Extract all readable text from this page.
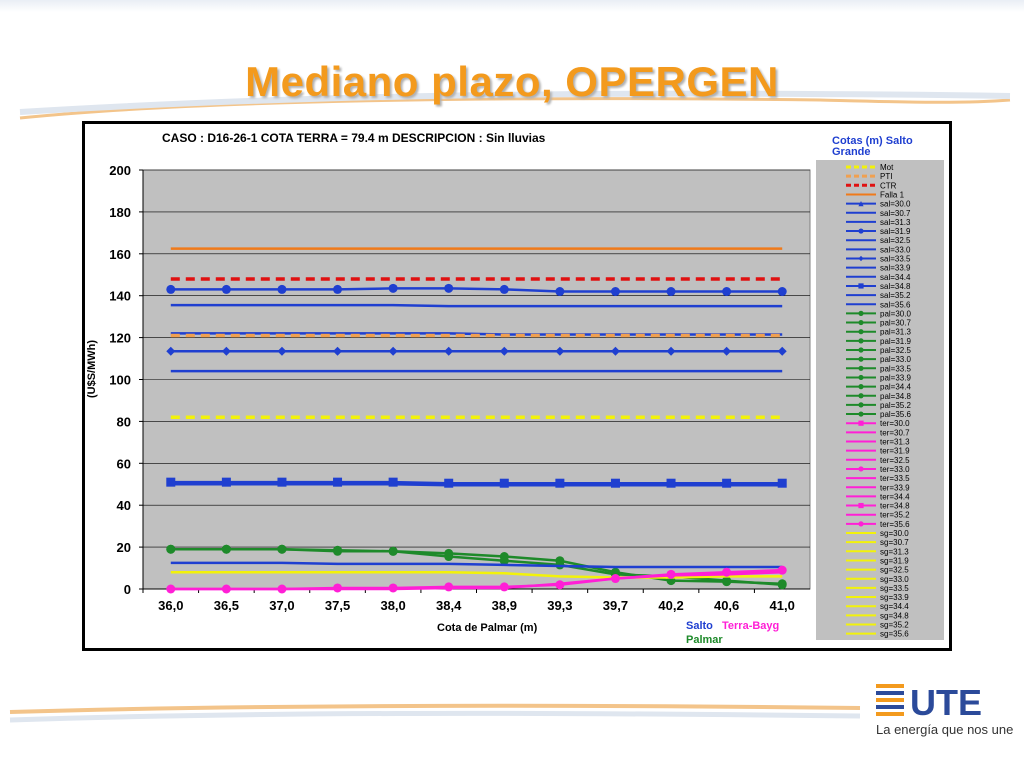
Mediano plazo, OPERGEN
CASO : D16-26-1 COTA TERRA = 79.4 m DESCRIPCION : Sin lluvias
0
20
40
60
80
100
120
140
160
180
200
36,0 36,5 37,0 37,5 38,0 38,4 38,9 39,3 39,7 40,2 40,6 41,0
(U$S/MWh)
Cota de Palmar (m)	Salto Terra-Bayg
Palmar
Cotas (m) Salto Grande
Mot
PTI
CTR
Falla 1
sal=30.0
sal=30.7
sal=31.3
sal=31.9
sal=32.5
sal=33.0
sal=33.5
sal=33.9
sal=34.4
sal=34.8
sal=35.2
sal=35.6
pal=30.0
pal=30.7
pal=31.3
pal=31.9
pal=32.5
pal=33.0
pal=33.5
pal=33.9
pal=34.4
pal=34.8
pal=35.2
pal=35.6
ter=30.0
ter=30.7
ter=31.3
ter=31.9
ter=32.5
ter=33.0
ter=33.5
ter=33.9
ter=34.4
ter=34.8
ter=35.2
ter=35.6
sg=30.0
sg=30.7
sg=31.3
sg=31.9
sg=32.5
sg=33.0
sg=33.5
sg=33.9
sg=34.4
sg=34.8
sg=35.2
sg=35.6
UTE
La energía que nos une
